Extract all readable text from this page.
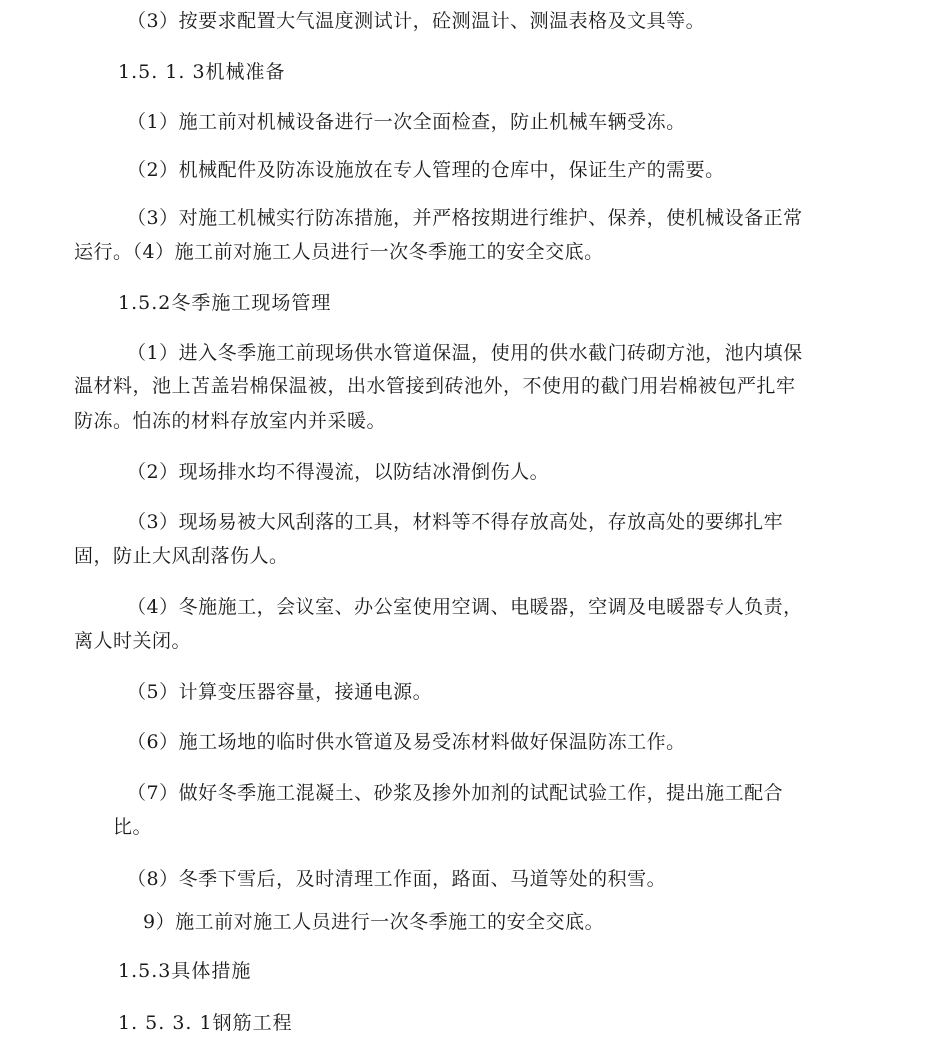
（3）按要求配置大气温度测试计，砼测温计、测温表格及文具等。

1.5. 1. 3机械准备

（1）施工前对机械设备进行一次全面检查，防止机械车辆受冻。

（2）机械配件及防冻设施放在专人管理的仓库中，保证生产的需要。

（3）对施工机械实行防冻措施，并严格按期进行维护、保养，使机械设备正常

运行。（4）施工前对施工人员进行一次冬季施工的安全交底。

1.5.2冬季施工现场管理

（1）进入冬季施工前现场供水管道保温，使用的供水截门砖砌方池，池内填保

温材料，池上苫盖岩棉保温被，出水管接到砖池外，不使用的截门用岩棉被包严扎牢

防冻。怕冻的材料存放室内并采暖。

（2）现场排水均不得漫流，以防结冰滑倒伤人。

（3）现场易被大风刮落的工具，材料等不得存放高处，存放高处的要绑扎牢

固，防止大风刮落伤人。

（4）冬施施工，会议室、办公室使用空调、电暖器，空调及电暖器专人负责，

离人时关闭。

（5）计算变压器容量，接通电源。

（6）施工场地的临时供水管道及易受冻材料做好保温防冻工作。

（7）做好冬季施工混凝土、砂浆及掺外加剂的试配试验工作，提出施工配合

比。

（8）冬季下雪后，及时清理工作面，路面、马道等处的积雪。

9）施工前对施工人员进行一次冬季施工的安全交底。

1.5.3具体措施

1. 5. 3. 1钢筋工程
